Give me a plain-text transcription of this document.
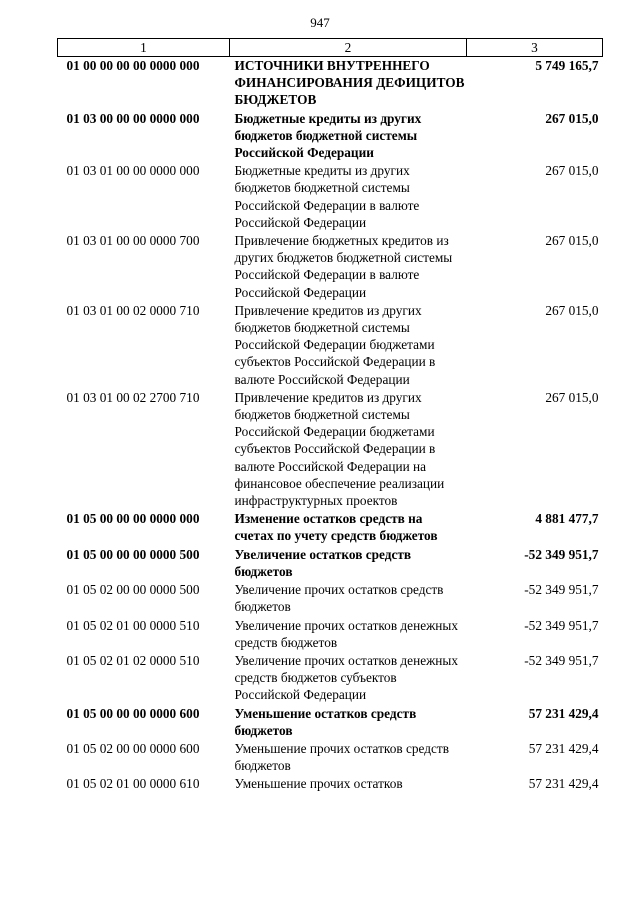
947
1	2	3
01 00 00 00 00 0000 000	ИСТОЧНИКИ ВНУТРЕННЕГО ФИНАНСИРОВАНИЯ ДЕФИЦИТОВ БЮДЖЕТОВ	5 749 165,7
01 03 00 00 00 0000 000	Бюджетные кредиты из других бюджетов бюджетной системы Российской Федерации	267 015,0
01 03 01 00 00 0000 000	Бюджетные кредиты из других бюджетов бюджетной системы Российской Федерации в валюте Российской Федерации	267 015,0
01 03 01 00 00 0000 700	Привлечение бюджетных кредитов из других бюджетов бюджетной системы Российской Федерации в валюте Российской Федерации	267 015,0
01 03 01 00 02 0000 710	Привлечение кредитов из других бюджетов бюджетной системы Российской Федерации бюджетами субъектов Российской Федерации в валюте Российской Федерации	267 015,0
01 03 01 00 02 2700 710	Привлечение кредитов из других бюджетов бюджетной системы Российской Федерации бюджетами субъектов Российской Федерации в валюте Российской Федерации на финансовое обеспечение реализации инфраструктурных проектов	267 015,0
01 05 00 00 00 0000 000	Изменение остатков средств на счетах по учету средств бюджетов	4 881 477,7
01 05 00 00 00 0000 500	Увеличение остатков средств бюджетов	-52 349 951,7
01 05 02 00 00 0000 500	Увеличение прочих остатков средств бюджетов	-52 349 951,7
01 05 02 01 00 0000 510	Увеличение прочих остатков денежных средств бюджетов	-52 349 951,7
01 05 02 01 02 0000 510	Увеличение прочих остатков денежных средств бюджетов субъектов Российской Федерации	-52 349 951,7
01 05 00 00 00 0000 600	Уменьшение остатков средств бюджетов	57 231 429,4
01 05 02 00 00 0000 600	Уменьшение прочих остатков средств бюджетов	57 231 429,4
01 05 02 01 00 0000 610	Уменьшение прочих остатков	57 231 429,4
